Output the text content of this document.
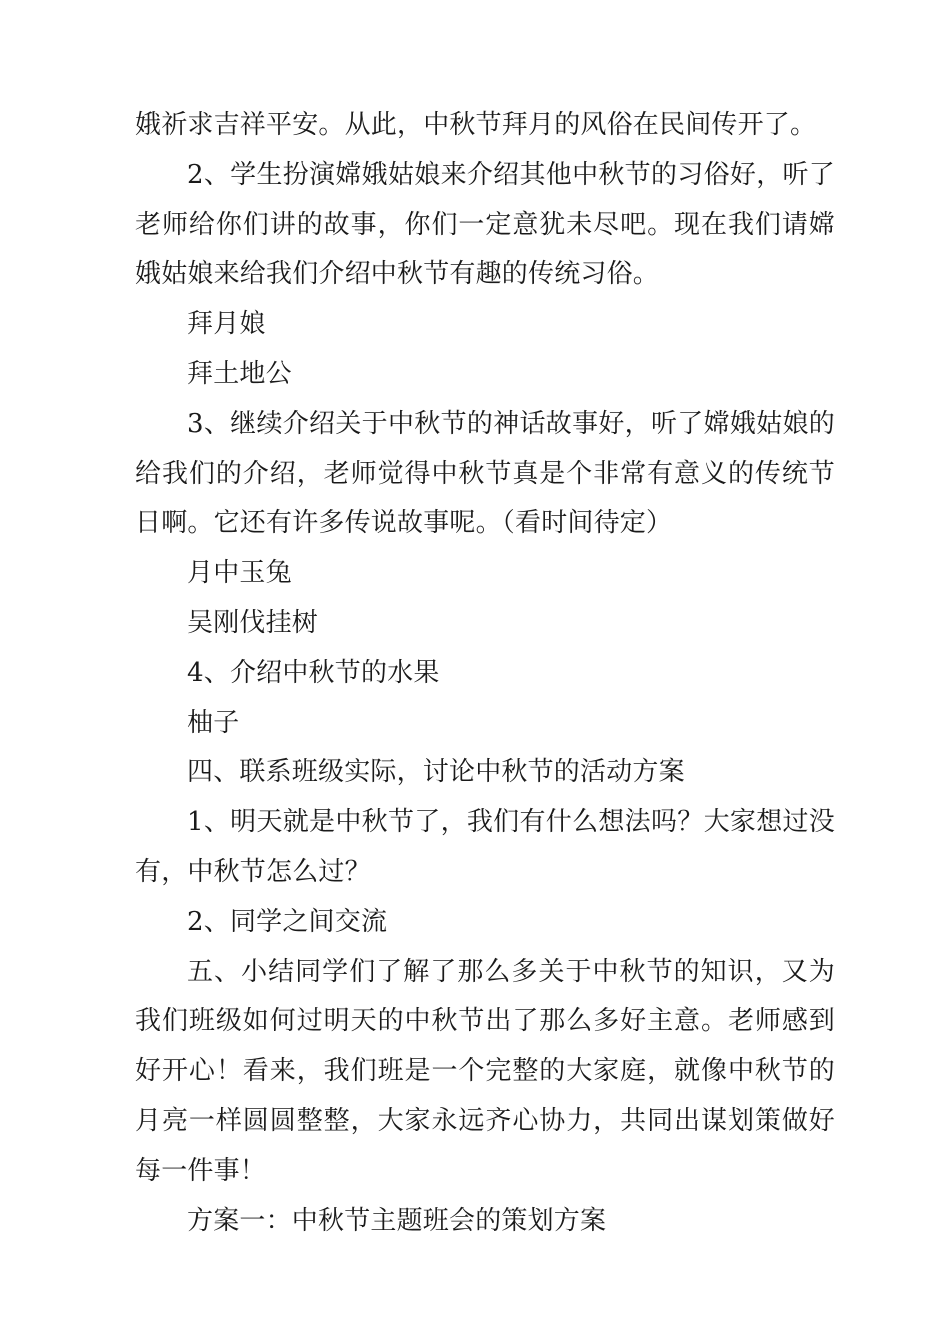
娥祈求吉祥平安。从此，中秋节拜月的风俗在民间传开了。

2、学生扮演嫦娥姑娘来介绍其他中秋节的习俗好，听了老师给你们讲的故事，你们一定意犹未尽吧。现在我们请嫦娥姑娘来给我们介绍中秋节有趣的传统习俗。

拜月娘

拜土地公

3、继续介绍关于中秋节的神话故事好，听了嫦娥姑娘的给我们的介绍，老师觉得中秋节真是个非常有意义的传统节日啊。它还有许多传说故事呢。（看时间待定）

月中玉兔

吴刚伐挂树

4、介绍中秋节的水果

柚子

四、联系班级实际，讨论中秋节的活动方案

1、明天就是中秋节了，我们有什么想法吗？大家想过没有，中秋节怎么过？

2、同学之间交流

五、小结同学们了解了那么多关于中秋节的知识，又为我们班级如何过明天的中秋节出了那么多好主意。老师感到好开心！看来，我们班是一个完整的大家庭，就像中秋节的月亮一样圆圆整整，大家永远齐心协力，共同出谋划策做好每一件事！

方案一：中秋节主题班会的策划方案
